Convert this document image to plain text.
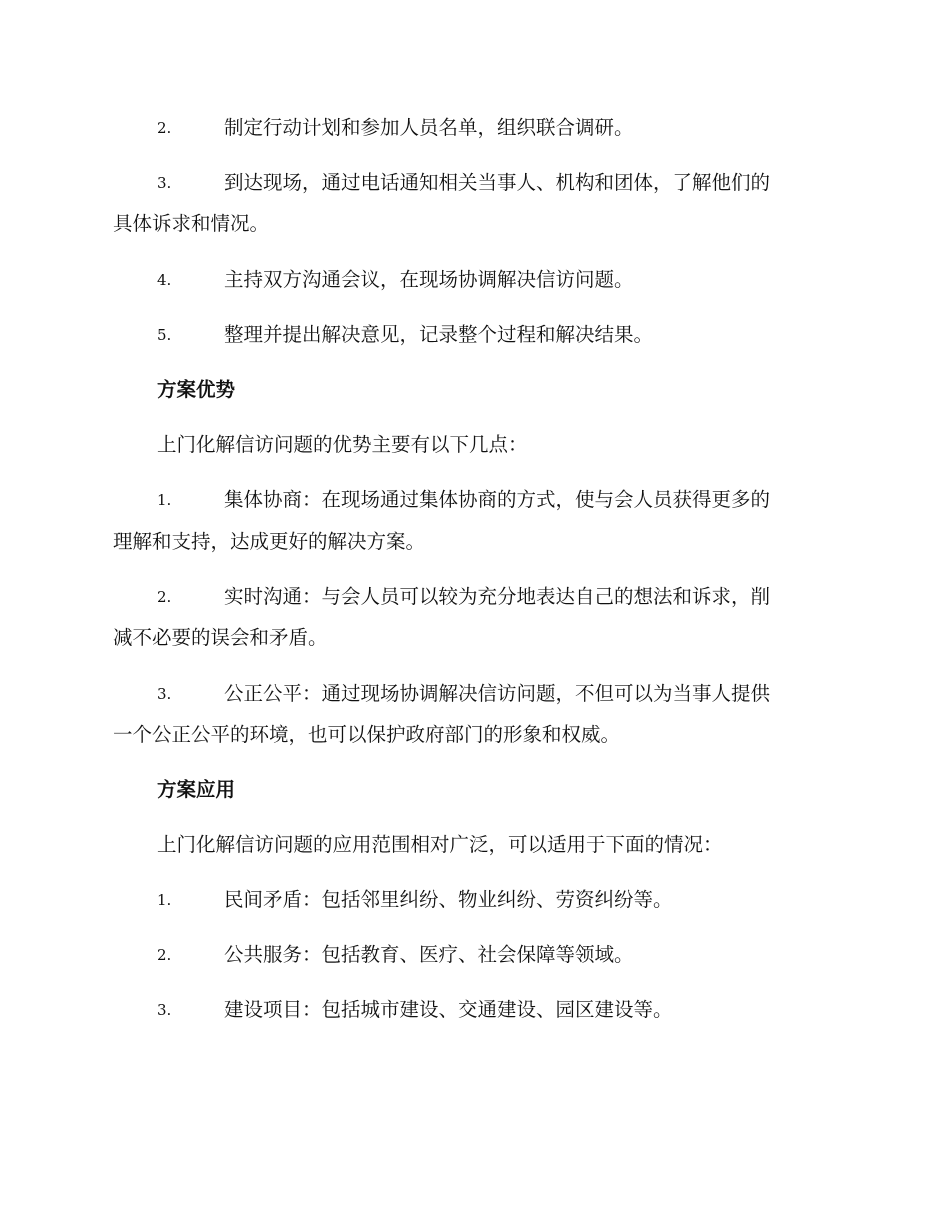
2.	制定行动计划和参加人员名单，组织联合调研。
3.	到达现场，通过电话通知相关当事人、机构和团体，了解他们的
具体诉求和情况。
4.	主持双方沟通会议，在现场协调解决信访问题。
5.	整理并提出解决意见，记录整个过程和解决结果。
方案优势
上门化解信访问题的优势主要有以下几点：
1.	集体协商：在现场通过集体协商的方式，使与会人员获得更多的
理解和支持，达成更好的解决方案。
2.	实时沟通：与会人员可以较为充分地表达自己的想法和诉求，削
减不必要的误会和矛盾。
3.	公正公平：通过现场协调解决信访问题，不但可以为当事人提供
一个公正公平的环境，也可以保护政府部门的形象和权威。
方案应用
上门化解信访问题的应用范围相对广泛，可以适用于下面的情况：
1.	民间矛盾：包括邻里纠纷、物业纠纷、劳资纠纷等。
2.	公共服务：包括教育、医疗、社会保障等领域。
3.	建设项目：包括城市建设、交通建设、园区建设等。
